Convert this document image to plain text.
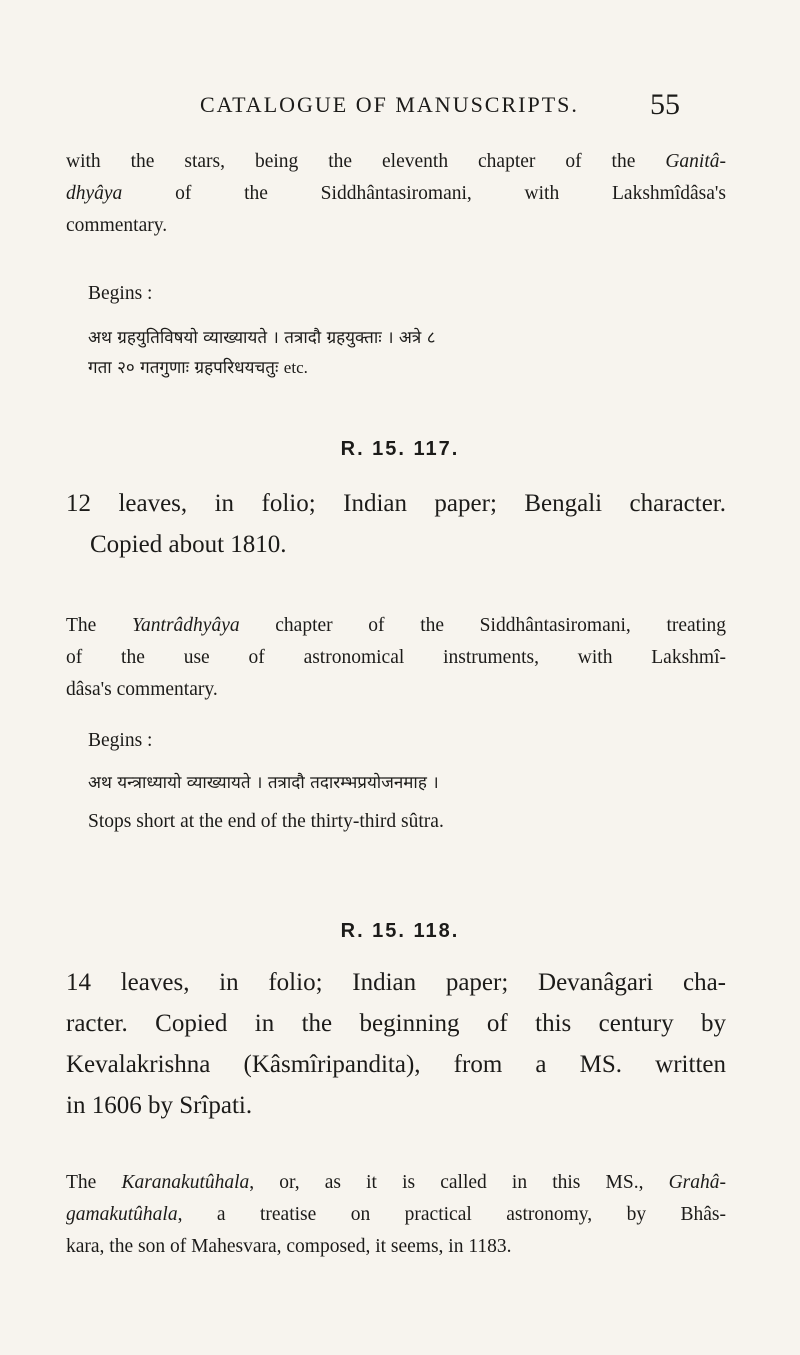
CATALOGUE OF MANUSCRIPTS. 55
with the stars, being the eleventh chapter of the Ganitâ-
dhyâya of the Siddhântasiromani, with Lakshmîdâsa's
commentary.
Begins :
अथ ग्रहयुतिविषयो व्याख्यायते । तत्रादौ ग्रहयुक्ताः । अत्रे ८
गता २० गतगुणाः ग्रहपरिधयचतुः etc.
R. 15. 117.
12 leaves, in folio; Indian paper; Bengali character.
Copied about 1810.
The Yantrâdhyâya chapter of the Siddhântasiromani, treating
of the use of astronomical instruments, with Lakshmî-
dâsa's commentary.
Begins :
अथ यन्त्राध्यायो व्याख्यायते । तत्रादौ तदारम्भप्रयोजनमाह ।
Stops short at the end of the thirty-third sûtra.
R. 15. 118.
14 leaves, in folio; Indian paper; Devanâgari cha-
racter. Copied in the beginning of this century by
Kevalakrishna (Kâsmîripandita), from a MS. written
in 1606 by Srîpati.
The Karanakutûhala, or, as it is called in this MS., Grahâ-
gamakutûhala, a treatise on practical astronomy, by Bhâs-
kara, the son of Mahesvara, composed, it seems, in 1183.
